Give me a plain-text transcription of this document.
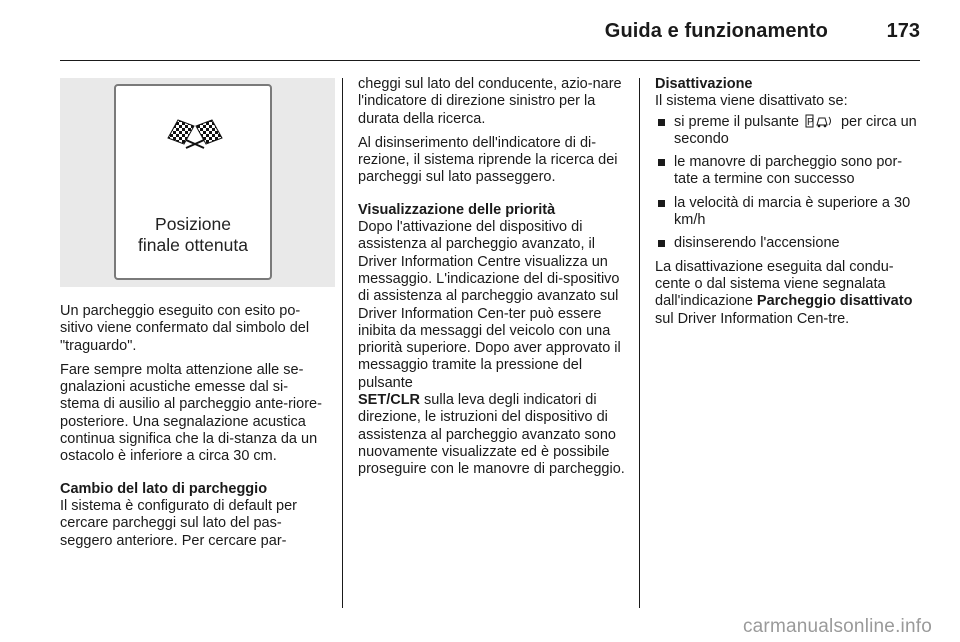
Guida e funzionamento	173
Posizione
finale ottenuta

Un parcheggio eseguito con esito po-sitivo viene confermato dal simbolo del "traguardo".

Fare sempre molta attenzione alle se-gnalazioni acustiche emesse dal si-stema di ausilio al parcheggio ante-riore-posteriore. Una segnalazione acustica continua significa che la di-stanza da un ostacolo è inferiore a circa 30 cm.

Cambio del lato di parcheggio

Il sistema è configurato di default per cercare parcheggi sul lato del pas-seggero anteriore. Per cercare par-

cheggi sul lato del conducente, azio-nare l'indicatore di direzione sinistro per la durata della ricerca.

Al disinserimento dell'indicatore di di-rezione, il sistema riprende la ricerca dei parcheggi sul lato passeggero.

Visualizzazione delle priorità

Dopo l'attivazione del dispositivo di assistenza al parcheggio avanzato, il Driver Information Centre visualizza un messaggio. L'indicazione del di-spositivo di assistenza al parcheggio avanzato sul Driver Information Cen-ter può essere inibita da messaggi del veicolo con una priorità superiore. Dopo aver approvato il messaggio tramite la pressione del pulsante
SET/CLR sulla leva degli indicatori di direzione, le istruzioni del dispositivo di assistenza al parcheggio avanzato sono nuovamente visualizzate ed è possibile proseguire con le manovre di parcheggio.

Disattivazione

Il sistema viene disattivato se:

si preme il pulsante P per circa un secondo
le manovre di parcheggio sono por-tate a termine con successo
la velocità di marcia è superiore a 30 km/h
disinserendo l'accensione

La disattivazione eseguita dal condu-cente o dal sistema viene segnalata dall'indicazione Parcheggio disattivato sul Driver Information Cen-tre.

carmanualsonline.info
